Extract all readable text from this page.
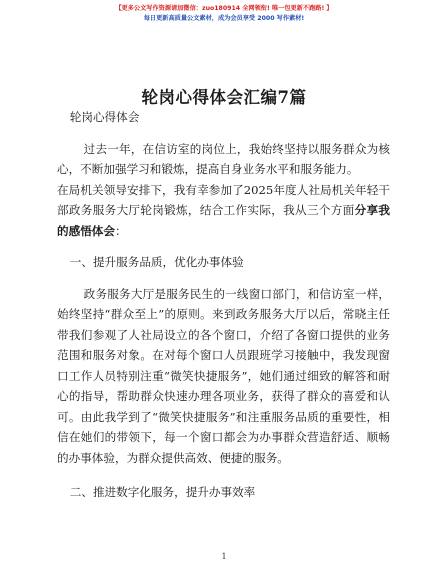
【更多公文写作资源请加微信：zuo180914 全网领衔! 唯一包更新不跑路! 】
每日更新高质量公文素材，成为会员享受 2000 写作素材!
轮岗心得体会汇编7篇

轮岗心得体会

过去一年，在信访室的岗位上，我始终坚持以服务群众为核心，不断加强学习和锻炼，提高自身业务水平和服务能力。

在局机关领导安排下，我有幸参加了2025年度人社局机关年轻干部政务服务大厅轮岗锻炼，结合工作实际，我从三个方面分享我的感悟体会：

一、提升服务品质，优化办事体验

政务服务大厅是服务民生的一线窗口部门，和信访室一样，始终坚持“群众至上”的原则。来到政务服务大厅以后，常晓主任带我们参观了人社局设立的各个窗口，介绍了各窗口提供的业务范围和服务对象。在对每个窗口人员跟班学习接触中，我发现窗口工作人员特别注重“微笑快捷服务”，她们通过细致的解答和耐心的指导，帮助群众快速办理各项业务，获得了群众的喜爱和认可。由此我学到了“微笑快捷服务”和注重服务品质的重要性，相信在她们的带领下，每一个窗口都会为办事群众营造舒适、顺畅的办事体验，为群众提供高效、便捷的服务。

二、推进数字化服务，提升办事效率

1
